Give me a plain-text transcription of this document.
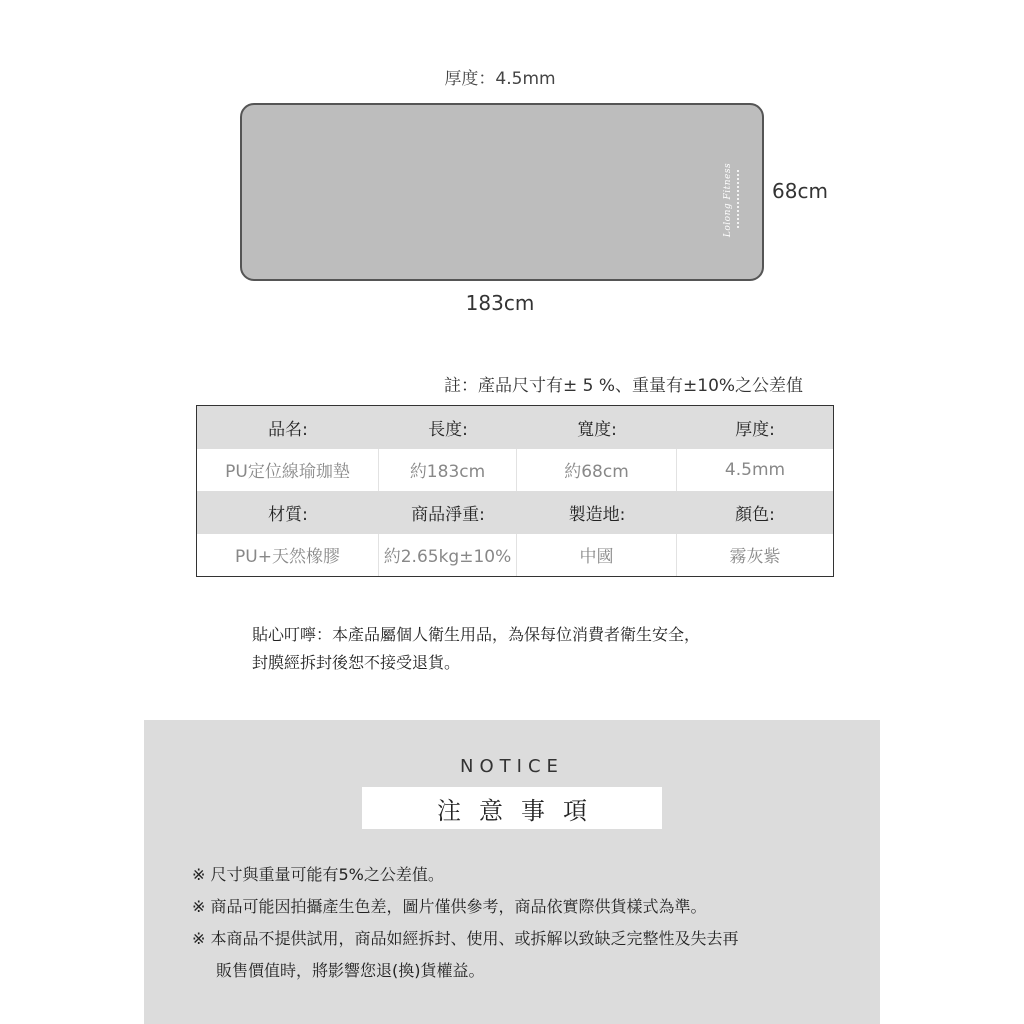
厚度：4.5mm
Lolong Fitness 68cm
183cm
註：產品尺寸有± 5 %、重量有±10%之公差值
品名:	長度:	寬度:	厚度:
PU定位線瑜珈墊	約183cm	約68cm	4.5mm
材質:	商品淨重:	製造地:	顏色:
PU+天然橡膠	約2.65kg±10%	中國	霧灰紫
貼心叮嚀：本產品屬個人衛生用品，為保每位消費者衛生安全，
封膜經拆封後恕不接受退貨。
NOTICE
注意事項
※ 尺寸與重量可能有5%之公差值。
※ 商品可能因拍攝產生色差，圖片僅供參考，商品依實際供貨樣式為準。
※ 本商品不提供試用，商品如經拆封、使用、或拆解以致缺乏完整性及失去再
販售價值時，將影響您退(換)貨權益。
